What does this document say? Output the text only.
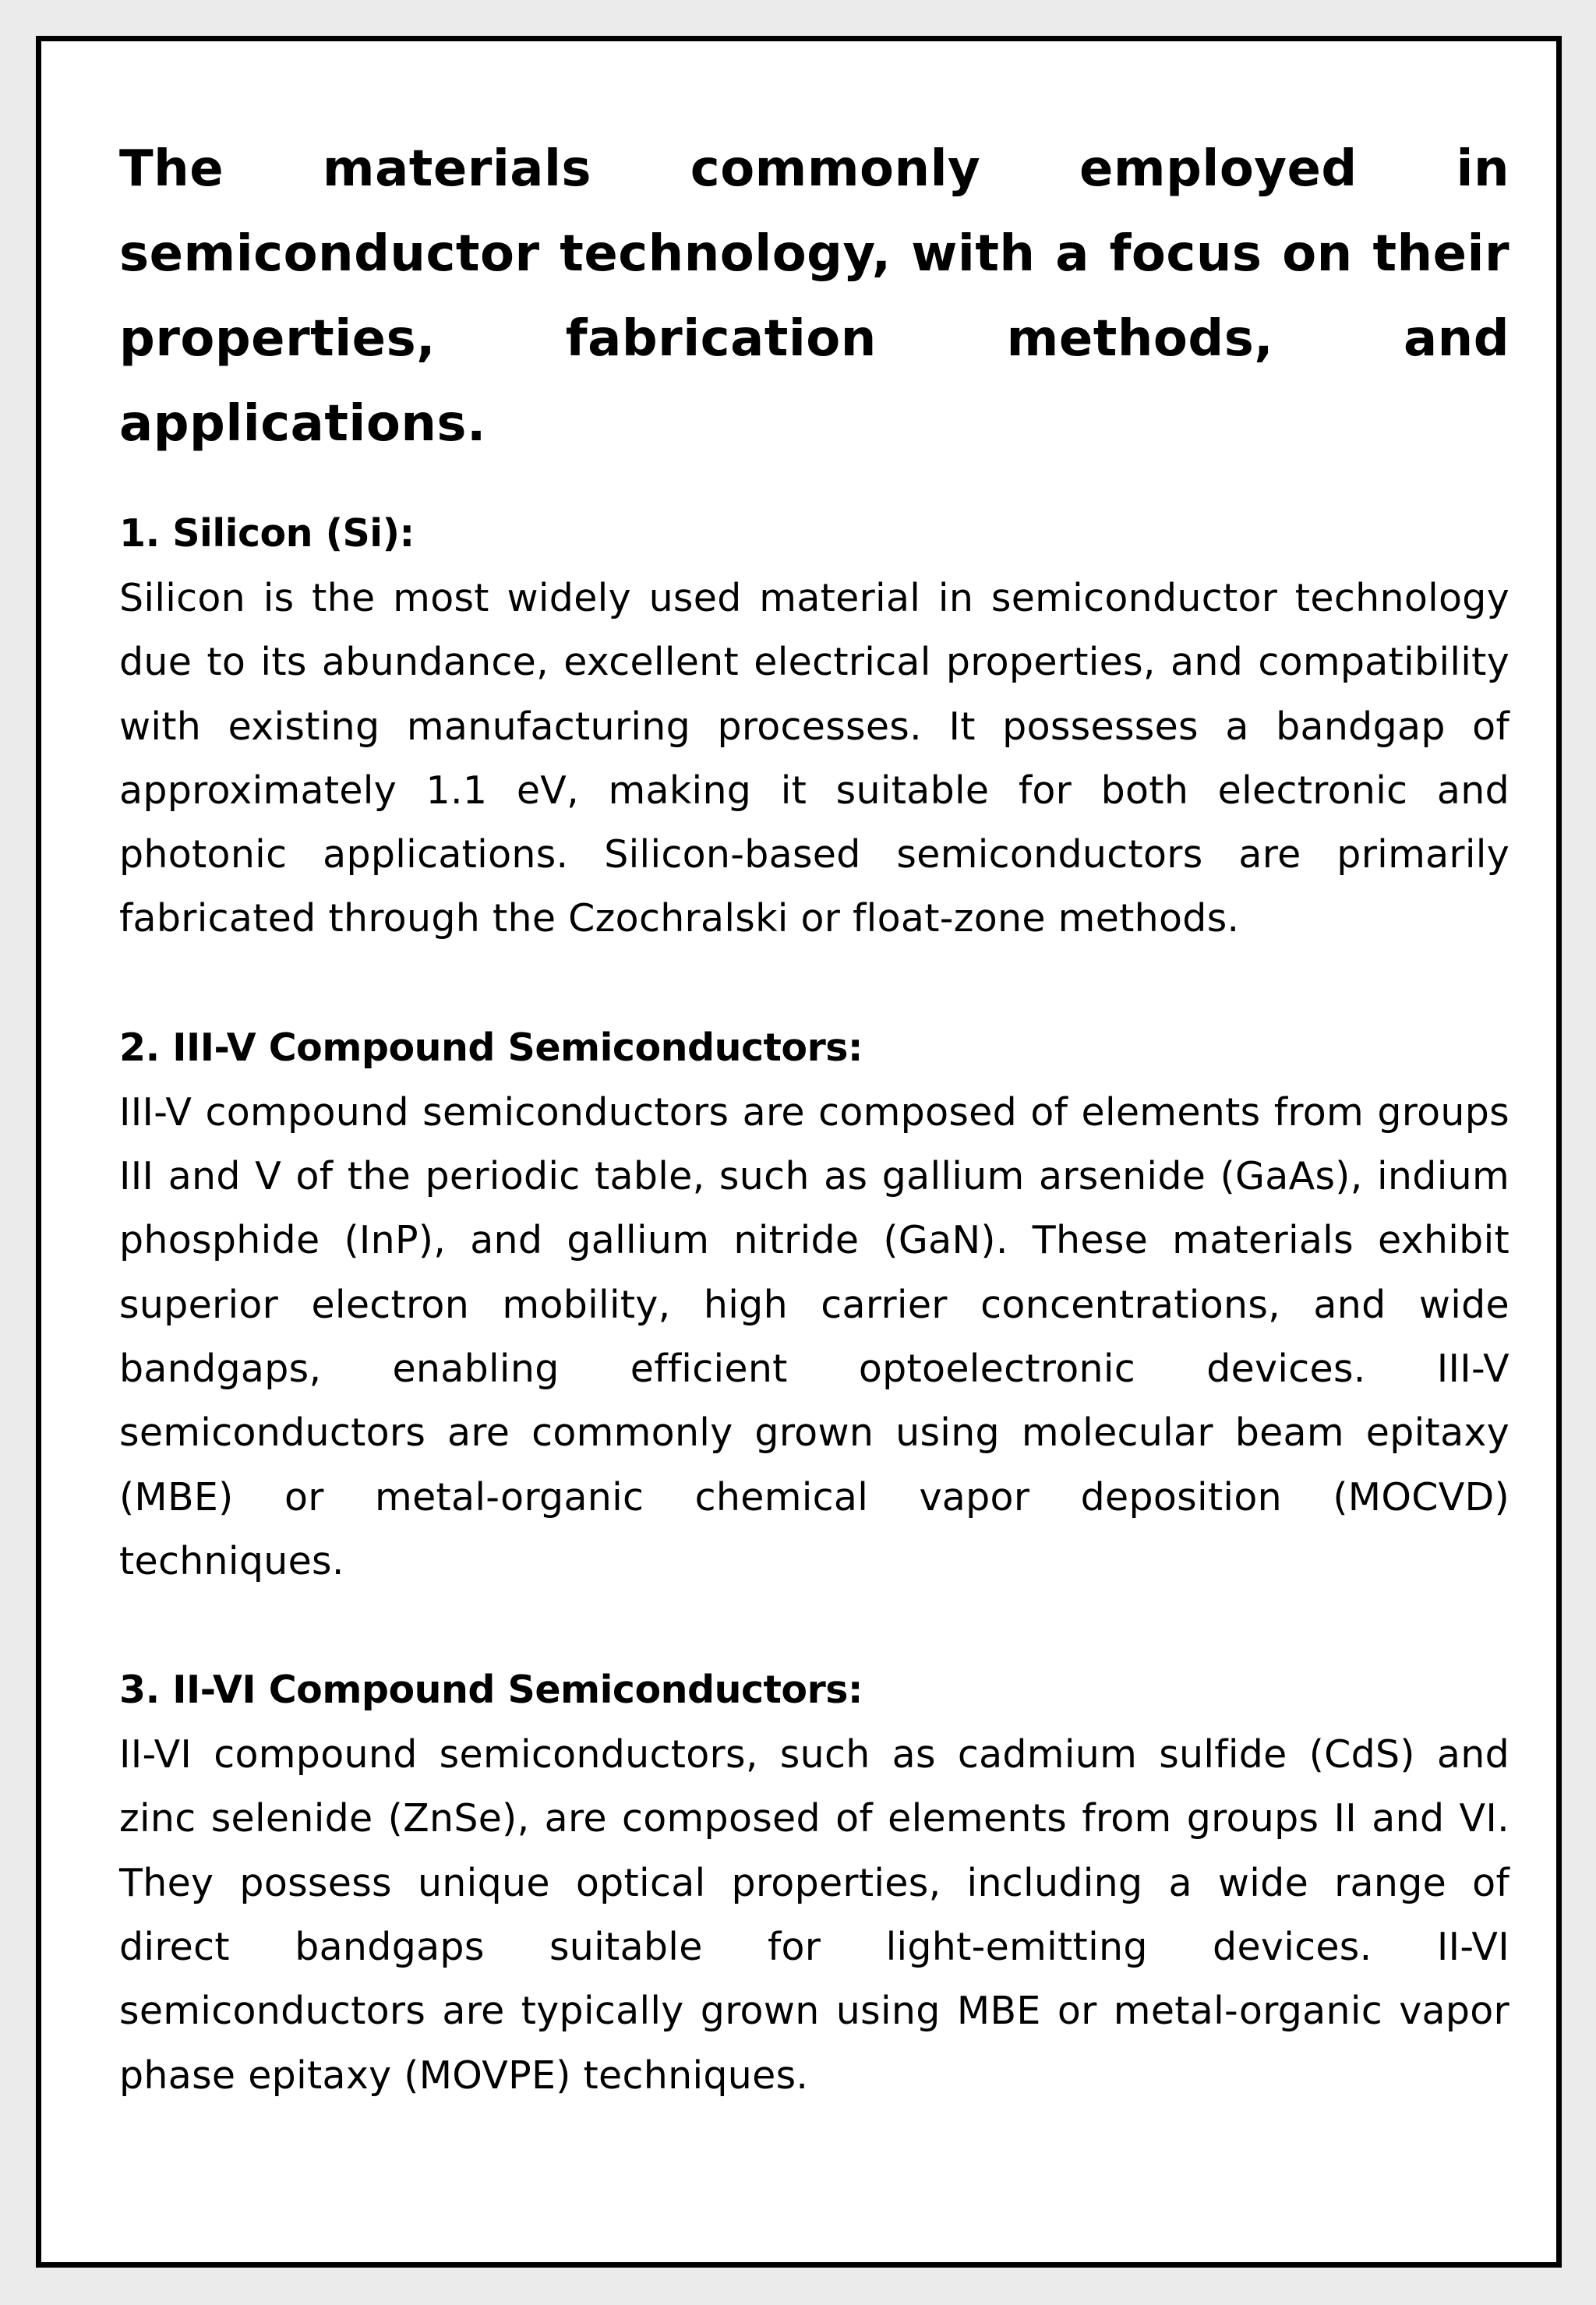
The materials commonly employed in semiconductor technology, with a focus on their properties, fabrication methods, and applications.
1. Silicon (Si):

Silicon is the most widely used material in semiconductor technology due to its abundance, excellent electrical properties, and compatibility with existing manufacturing processes. It possesses a bandgap of approximately 1.1 eV, making it suitable for both electronic and photonic applications. Silicon-based semiconductors are primarily fabricated through the Czochralski or float-zone methods.

2. III-V Compound Semiconductors:

III-V compound semiconductors are composed of elements from groups III and V of the periodic table, such as gallium arsenide (GaAs), indium phosphide (InP), and gallium nitride (GaN). These materials exhibit superior electron mobility, high carrier concentrations, and wide bandgaps, enabling efficient optoelectronic devices. III-V semiconductors are commonly grown using molecular beam epitaxy (MBE) or metal-organic chemical vapor deposition (MOCVD) techniques.

3. II-VI Compound Semiconductors:

II-VI compound semiconductors, such as cadmium sulfide (CdS) and zinc selenide (ZnSe), are composed of elements from groups II and VI. They possess unique optical properties, including a wide range of direct bandgaps suitable for light-emitting devices. II-VI semiconductors are typically grown using MBE or metal-organic vapor phase epitaxy (MOVPE) techniques.
